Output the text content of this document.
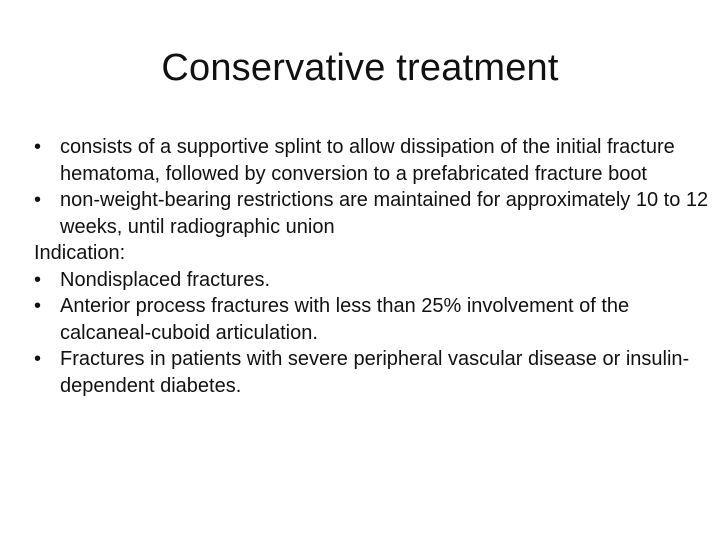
Conservative treatment
• consists of a supportive splint to allow dissipation of the initial fracture hematoma, followed by conversion to a prefabricated fracture boot
• non-weight-bearing restrictions are maintained for approximately 10 to 12 weeks, until radiographic union
Indication:
• Nondisplaced fractures.
• Anterior process fractures with less than 25% involvement of the calcaneal-cuboid articulation.
• Fractures in patients with severe peripheral vascular disease or insulin-dependent diabetes.
